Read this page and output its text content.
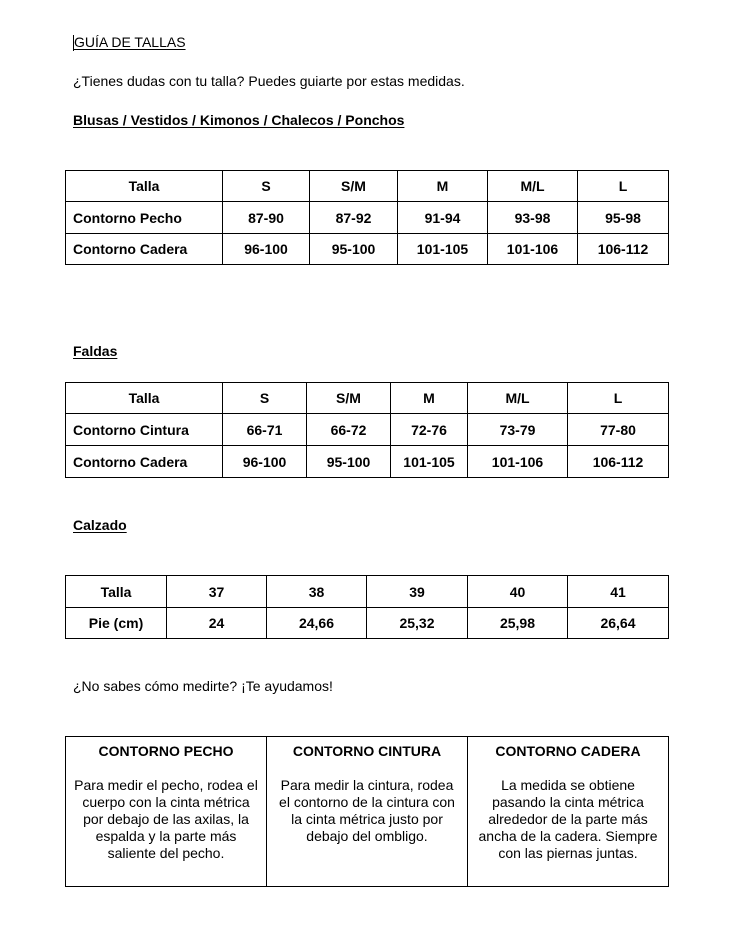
GUÍA DE TALLAS
¿Tienes dudas con tu talla? Puedes guiarte por estas medidas.
Blusas / Vestidos / Kimonos / Chalecos / Ponchos
Talla	S	S/M	M	M/L	L
Contorno Pecho	87-90	87-92	91-94	93-98	95-98
Contorno Cadera	96-100	95-100	101-105	101-106	106-112
Faldas
Talla	S	S/M	M	M/L	L
Contorno Cintura	66-71	66-72	72-76	73-79	77-80
Contorno Cadera	96-100	95-100	101-105	101-106	106-112
Calzado
Talla	37	38	39	40	41
Pie (cm)	24	24,66	25,32	25,98	26,64
¿No sabes cómo medirte? ¡Te ayudamos!
CONTORNO PECHO
Para medir el pecho, rodea el cuerpo con la cinta métrica por debajo de las axilas, la espalda y la parte más saliente del pecho.

CONTORNO CINTURA
Para medir la cintura, rodea el contorno de la cintura con la cinta métrica justo por debajo del ombligo.

CONTORNO CADERA
La medida se obtiene pasando la cinta métrica alrededor de la parte más ancha de la cadera. Siempre con las piernas juntas.
